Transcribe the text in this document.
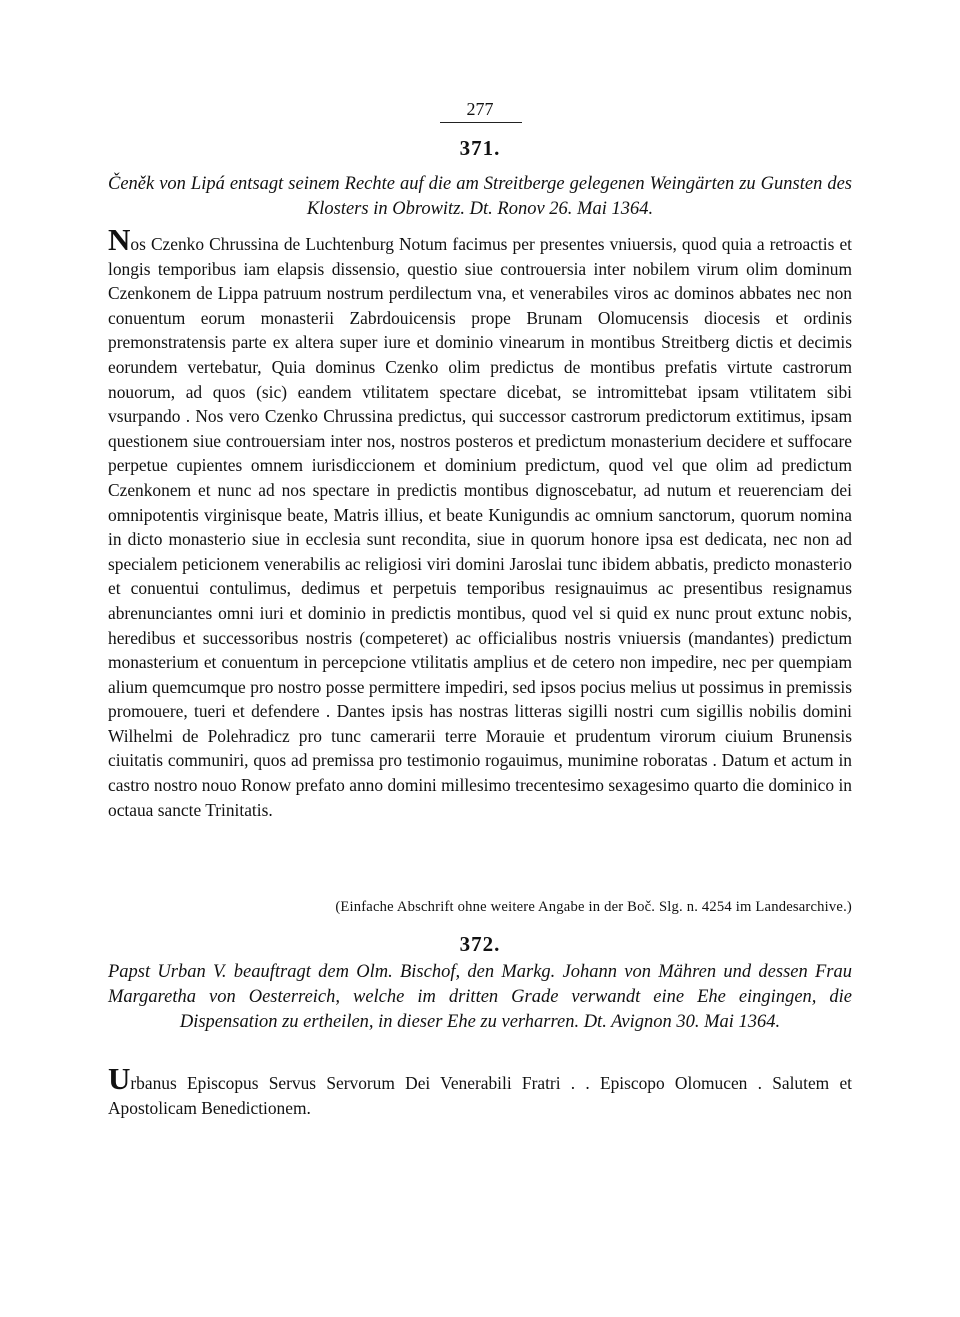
277
371.
Čeněk von Lipá entsagt seinem Rechte auf die am Streitberge gelegenen Weingärten zu Gunsten des Klosters in Obrowitz. Dt. Ronov 26. Mai 1364.
Nos Czenko Chrussina de Luchtenburg Notum facimus per presentes vniuersis, quod quia a retroactis et longis temporibus iam elapsis dissensio, questio siue controuersia inter nobilem virum olim dominum Czenkonem de Lippa patruum nostrum perdilectum vna, et venerabiles viros ac dominos abbates nec non conuentum eorum monasterii Zabrdouicensis prope Brunam Olomucensis diocesis et ordinis premonstratensis parte ex altera super iure et dominio vinearum in montibus Streitberg dictis et decimis eorundem vertebatur, Quia dominus Czenko olim predictus de montibus prefatis virtute castrorum nouorum, ad quos (sic) eandem vtilitatem spectare dicebat, se intromittebat ipsam vtilitatem sibi vsurpando . Nos vero Czenko Chrussina predictus, qui successor castrorum predictorum extitimus, ipsam questionem siue controuersiam inter nos, nostros posteros et predictum monasterium decidere et suffocare perpetue cupientes omnem iurisdiccionem et dominium predictum, quod vel que olim ad predictum Czenkonem et nunc ad nos spectare in predictis montibus dignoscebatur, ad nutum et reuerenciam dei omnipotentis virginisque beate, Matris illius, et beate Kunigundis ac omnium sanctorum, quorum nomina in dicto monasterio siue in ecclesia sunt recondita, siue in quorum honore ipsa est dedicata, nec non ad specialem peticionem venerabilis ac religiosi viri domini Jaroslai tunc ibidem abbatis, predicto monasterio et conuentui contulimus, dedimus et perpetuis temporibus resignauimus ac presentibus resignamus abrenunciantes omni iuri et dominio in predictis montibus, quod vel si quid ex nunc prout extunc nobis, heredibus et successoribus nostris (competeret) ac officialibus nostris vniuersis (mandantes) predictum monasterium et conuentum in percepcione vtilitatis amplius et de cetero non impedire, nec per quempiam alium quemcumque pro nostro posse permittere impediri, sed ipsos pocius melius ut possimus in premissis promouere, tueri et defendere . Dantes ipsis has nostras litteras sigilli nostri cum sigillis nobilis domini Wilhelmi de Polehradicz pro tunc camerarii terre Morauie et prudentum virorum ciuium Brunensis ciuitatis communiri, quos ad premissa pro testimonio rogauimus, munimine roboratas . Datum et actum in castro nostro nouo Ronow prefato anno domini millesimo trecentesimo sexagesimo quarto die dominico in octaua sancte Trinitatis.
(Einfache Abschrift ohne weitere Angabe in der Boč. Slg. n. 4254 im Landesarchive.)
372.
Papst Urban V. beauftragt dem Olm. Bischof, den Markg. Johann von Mähren und dessen Frau Margaretha von Oesterreich, welche im dritten Grade verwandt eine Ehe eingingen, die Dispensation zu ertheilen, in dieser Ehe zu verharren. Dt. Avignon 30. Mai 1364.
Urbanus Episcopus Servus Servorum Dei Venerabili Fratri . . Episcopo Olomucen . Salutem et Apostolicam Benedictionem.
